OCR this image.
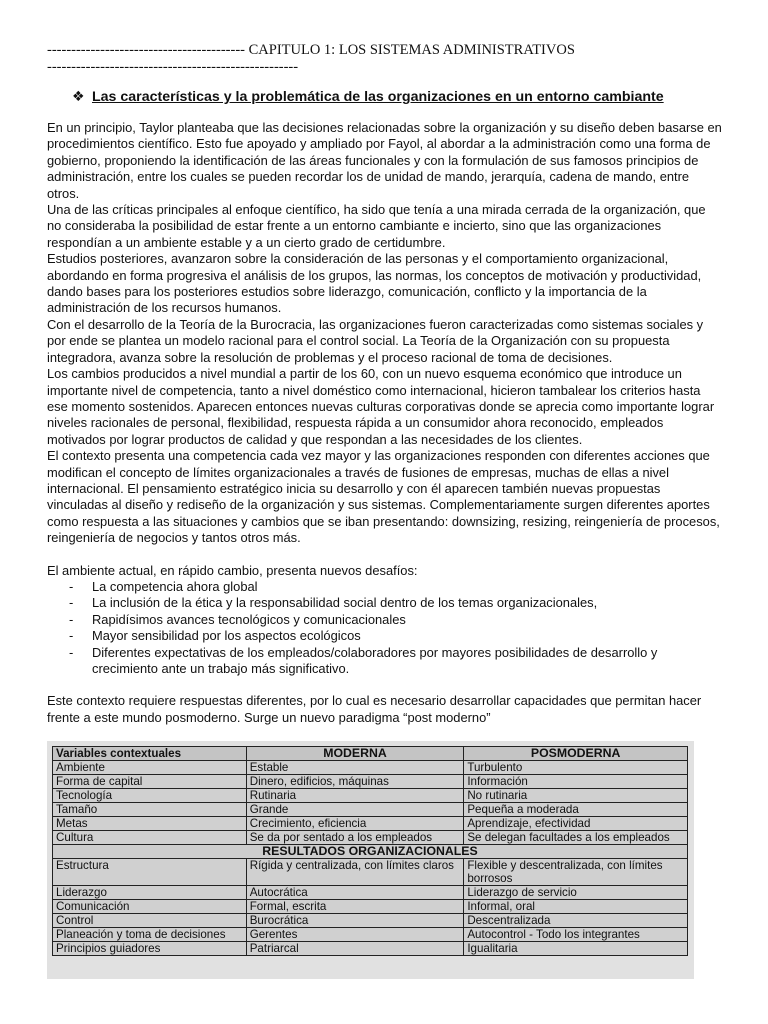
----------------------------------------- CAPITULO 1: LOS SISTEMAS ADMINISTRATIVOS
----------------------------------------------------
❖ Las características y la problemática de las organizaciones en un entorno cambiante

En un principio, Taylor planteaba que las decisiones relacionadas sobre la organización y su diseño deben basarse en procedimientos científico. Esto fue apoyado y ampliado por Fayol, al abordar a la administración como una forma de gobierno, proponiendo la identificación de las áreas funcionales y con la formulación de sus famosos principios de administración, entre los cuales se pueden recordar los de unidad de mando, jerarquía, cadena de mando, entre otros.

Una de las críticas principales al enfoque científico, ha sido que tenía a una mirada cerrada de la organización, que no consideraba la posibilidad de estar frente a un entorno cambiante e incierto, sino que las organizaciones respondían a un ambiente estable y a un cierto grado de certidumbre.

Estudios posteriores, avanzaron sobre la consideración de las personas y el comportamiento organizacional, abordando en forma progresiva el análisis de los grupos, las normas, los conceptos de motivación y productividad, dando bases para los posteriores estudios sobre liderazgo, comunicación, conflicto y la importancia de la administración de los recursos humanos.

Con el desarrollo de la Teoría de la Burocracia, las organizaciones fueron caracterizadas como sistemas sociales y por ende se plantea un modelo racional para el control social. La Teoría de la Organización con su propuesta integradora, avanza sobre la resolución de problemas y el proceso racional de toma de decisiones.

Los cambios producidos a nivel mundial a partir de los 60, con un nuevo esquema económico que introduce un importante nivel de competencia, tanto a nivel doméstico como internacional, hicieron tambalear los criterios hasta ese momento sostenidos. Aparecen entonces nuevas culturas corporativas donde se aprecia como importante lograr niveles racionales de personal, flexibilidad, respuesta rápida a un consumidor ahora reconocido, empleados motivados por lograr productos de calidad y que respondan a las necesidades de los clientes.

El contexto presenta una competencia cada vez mayor y las organizaciones responden con diferentes acciones que modifican el concepto de límites organizacionales a través de fusiones de empresas, muchas de ellas a nivel internacional. El pensamiento estratégico inicia su desarrollo y con él aparecen también nuevas propuestas vinculadas al diseño y rediseño de la organización y sus sistemas. Complementariamente surgen diferentes aportes como respuesta a las situaciones y cambios que se iban presentando: downsizing, resizing, reingeniería de procesos, reingeniería de negocios y tantos otros más.

El ambiente actual, en rápido cambio, presenta nuevos desafíos:

- La competencia ahora global
- La inclusión de la ética y la responsabilidad social dentro de los temas organizacionales,
- Rapidísimos avances tecnológicos y comunicacionales
- Mayor sensibilidad por los aspectos ecológicos
- Diferentes expectativas de los empleados/colaboradores por mayores posibilidades de desarrollo y crecimiento ante un trabajo más significativo.

Este contexto requiere respuestas diferentes, por lo cual es necesario desarrollar capacidades que permitan hacer frente a este mundo posmoderno. Surge un nuevo paradigma “post moderno”

Variables contextuales	MODERNA	POSMODERNA
Ambiente	Estable	Turbulento
Forma de capital	Dinero, edificios, máquinas	Información
Tecnología	Rutinaria	No rutinaria
Tamaño	Grande	Pequeña a moderada
Metas	Crecimiento, eficiencia	Aprendizaje, efectividad
Cultura	Se da por sentado a los empleados	Se delegan facultades a los empleados
RESULTADOS ORGANIZACIONALES		
Estructura	Rígida y centralizada, con límites claros	Flexible y descentralizada, con límites borrosos
Liderazgo	Autocrática	Liderazgo de servicio
Comunicación	Formal, escrita	Informal, oral
Control	Burocrática	Descentralizada
Planeación y toma de decisiones	Gerentes	Autocontrol - Todo los integrantes
Principios guiadores	Patriarcal	Igualitaria
